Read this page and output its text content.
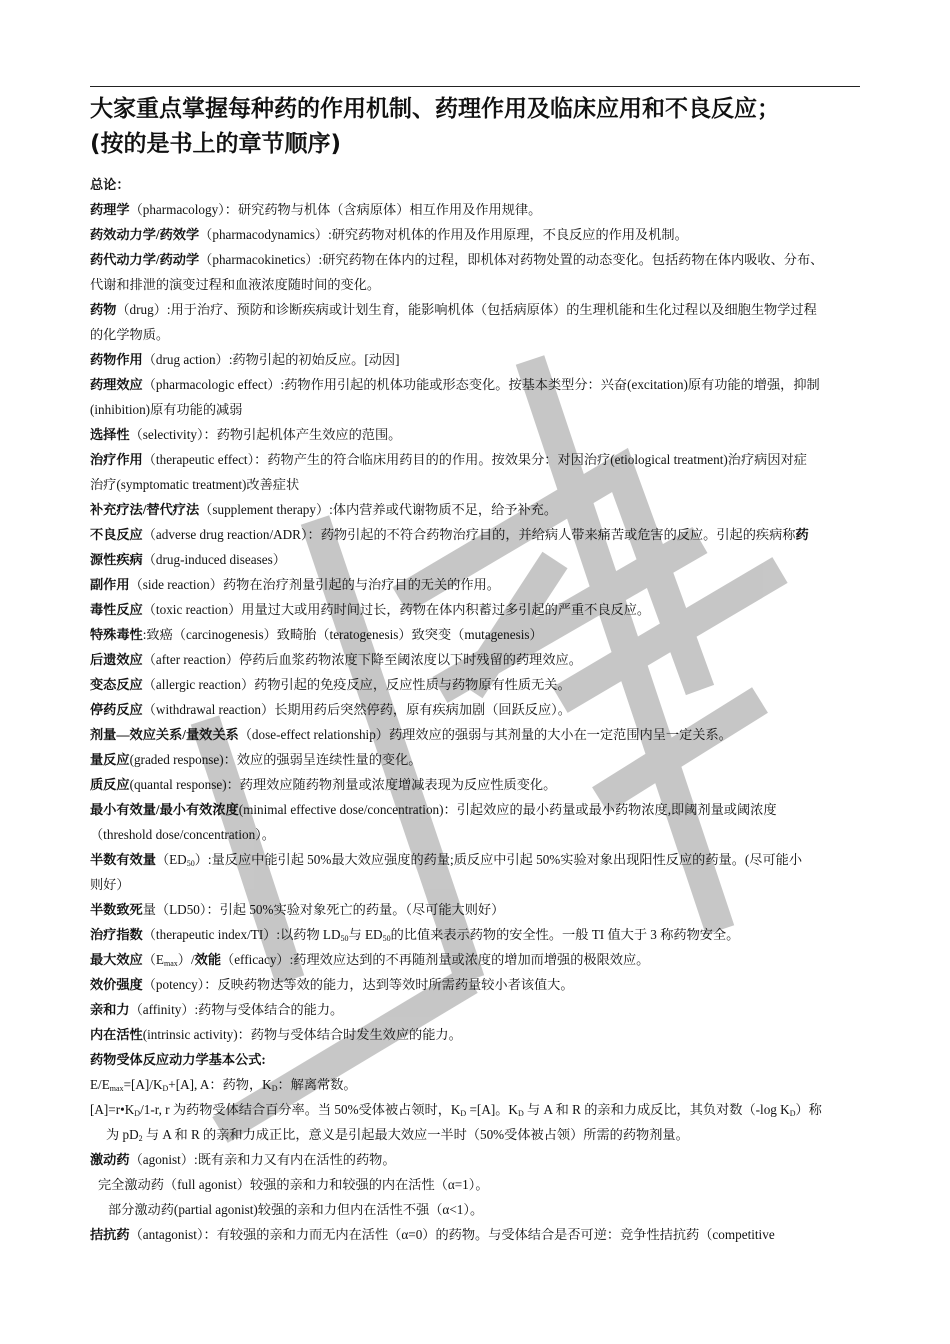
大家重点掌握每种药的作用机制、药理作用及临床应用和不良反应；
(按的是书上的章节顺序)

总论：

药理学（pharmacology）：研究药物与机体（含病原体）相互作用及作用规律。

药效动力学/药效学（pharmacodynamics）:研究药物对机体的作用及作用原理，不良反应的作用及机制。

药代动力学/药动学（pharmacokinetics）:研究药物在体内的过程，即机体对药物处置的动态变化。包括药物在体内吸收、分布、

代谢和排泄的演变过程和血液浓度随时间的变化。

药物（drug）:用于治疗、预防和诊断疾病或计划生育，能影响机体（包括病原体）的生理机能和生化过程以及细胞生物学过程

的化学物质。

药物作用（drug action）:药物引起的初始反应。[动因]

药理效应（pharmacologic effect）:药物作用引起的机体功能或形态变化。按基本类型分：兴奋(excitation)原有功能的增强，抑制

(inhibition)原有功能的减弱

选择性（selectivity）：药物引起机体产生效应的范围。

治疗作用（therapeutic effect）：药物产生的符合临床用药目的的作用。按效果分：对因治疗(etiological treatment)治疗病因对症

治疗(symptomatic treatment)改善症状

补充疗法/替代疗法（supplement therapy）:体内营养或代谢物质不足，给予补充。

不良反应（adverse drug reaction/ADR）：药物引起的不符合药物治疗目的，并给病人带来痛苦或危害的反应。引起的疾病称药

源性疾病（drug-induced diseases）

副作用（side reaction）药物在治疗剂量引起的与治疗目的无关的作用。

毒性反应（toxic reaction）用量过大或用药时间过长，药物在体内积蓄过多引起的严重不良反应。

特殊毒性:致癌（carcinogenesis）致畸胎（teratogenesis）致突变（mutagenesis）

后遗效应（after reaction）停药后血浆药物浓度下降至阈浓度以下时残留的药理效应。

变态反应（allergic reaction）药物引起的免疫反应，反应性质与药物原有性质无关。

停药反应（withdrawal reaction）长期用药后突然停药，原有疾病加剧（回跃反应）。

剂量—效应关系/量效关系（dose-effect relationship）药理效应的强弱与其剂量的大小在一定范围内呈一定关系。

量反应(graded response)：效应的强弱呈连续性量的变化。

质反应(quantal response)：药理效应随药物剂量或浓度增减表现为反应性质变化。

最小有效量/最小有效浓度(minimal effective dose/concentration)：引起效应的最小药量或最小药物浓度,即阈剂量或阈浓度

（threshold dose/concentration）。

半数有效量$(ED_{50})$:量反应中能引起 50%最大效应强度的药量;质反应中引起 50%实验对象出现阳性反应的药量。(尽可能小

则好）

半数致死量（LD50）：引起 50%实验对象死亡的药量。（尽可能大则好）

治疗指数（therapeutic index/TI）:以药物 $LD_{50}$与 $ED_{50}$的比值来表示药物的安全性。一般 TI 值大于 3 称药物安全。

最大效应$(E_{max})/$效能（efficacy）:药理效应达到的不再随剂量或浓度的增加而增强的极限效应。

效价强度（potency）：反映药物达等效的能力，达到等效时所需药量较小者该值大。

亲和力（affinity）:药物与受体结合的能力。

内在活性(intrinsic activity)：药物与受体结合时发生效应的能力。

药物受体反应动力学基本公式:

$E/E_{max}=[A]/K_D+[A]$, A：药物，$K_D$：解离常数。

$[A]=r•K_D/1-r$, r 为药物受体结合百分率。当 50%受体被占领时，$K_D =[A]$。$K_D$ 与 A 和 R 的亲和力成反比，其负对数（-log $K_D$）称

为 $pD_2$ 与 A 和 R 的亲和力成正比，意义是引起最大效应一半时（50%受体被占领）所需的药物剂量。

激动药（agonist）:既有亲和力又有内在活性的药物。

完全激动药（full agonist）较强的亲和力和较强的内在活性（α=1）。

部分激动药(partial agonist)较强的亲和力但内在活性不强（α<1）。

拮抗药（antagonist）：有较强的亲和力而无内在活性（α=0）的药物。与受体结合是否可逆：竞争性拮抗药（competitive
